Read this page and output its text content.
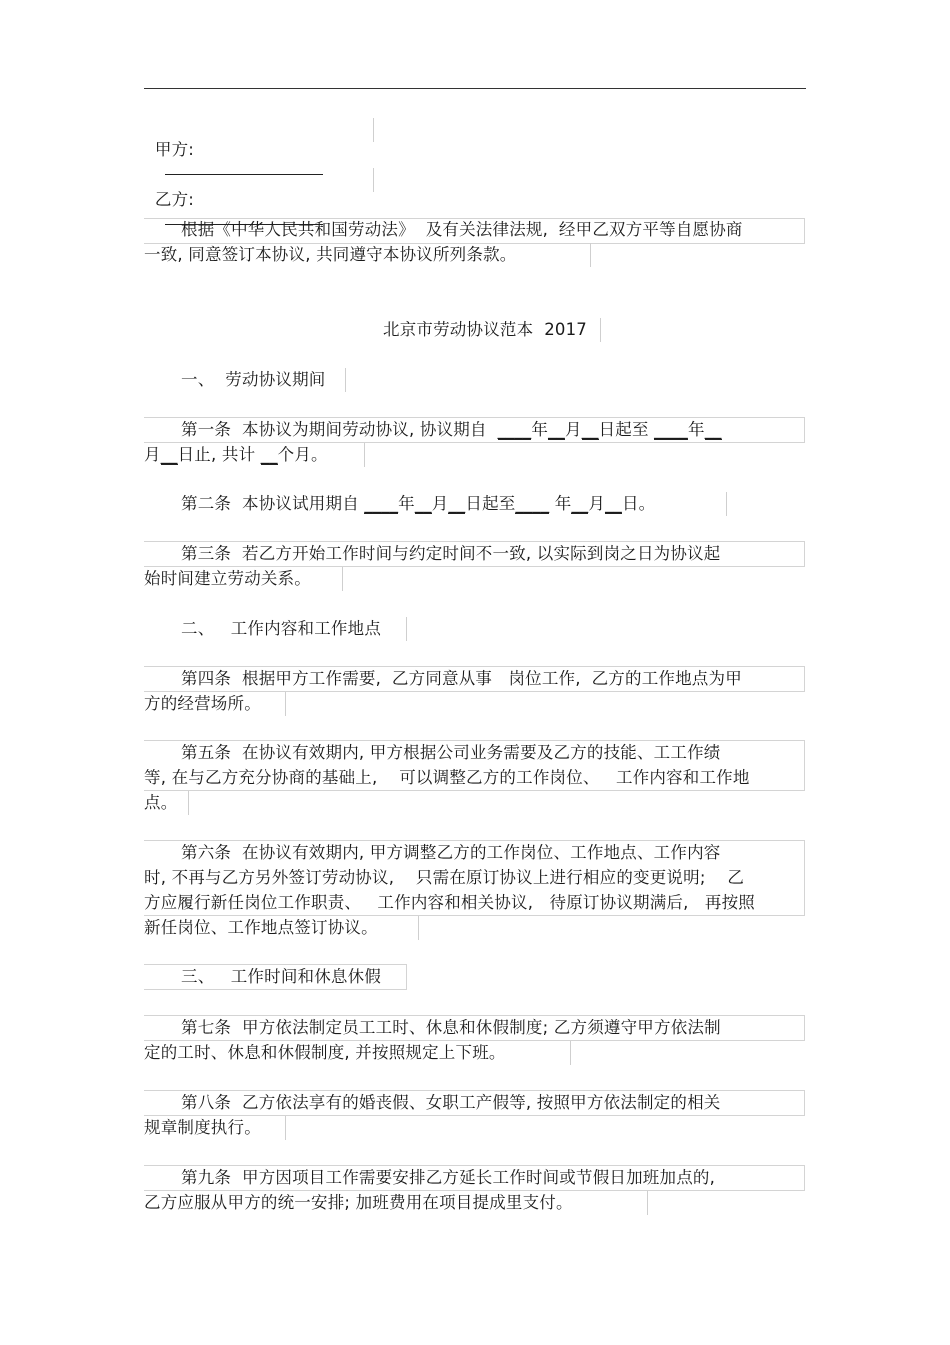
甲方:

乙方:

根据《中华人民共和国劳动法》  及有关法律法规,  经甲乙双方平等自愿协商
一致, 同意签订本协议, 共同遵守本协议所列条款。
北京市劳动协议范本  2017
一、  劳动协议期间
第一条  本协议为期间劳动协议, 协议期自  ____年__月__日起至 ____年__
月__日止, 共计 __个月。
第二条  本协议试用期自 ____年__月__日起至____ 年__月__日。
第三条  若乙方开始工作时间与约定时间不一致, 以实际到岗之日为协议起
始时间建立劳动关系。
二、   工作内容和工作地点
第四条  根据甲方工作需要,  乙方同意从事   岗位工作,  乙方的工作地点为甲
方的经营场所。
第五条  在协议有效期内, 甲方根据公司业务需要及乙方的技能、工工作绩
等, 在与乙方充分协商的基础上,    可以调整乙方的工作岗位、   工作内容和工作地
点。
第六条  在协议有效期内, 甲方调整乙方的工作岗位、工作地点、工作内容
时, 不再与乙方另外签订劳动协议,    只需在原订协议上进行相应的变更说明;    乙
方应履行新任岗位工作职责、   工作内容和相关协议,   待原订协议期满后,   再按照
新任岗位、工作地点签订协议。
三、   工作时间和休息休假
第七条  甲方依法制定员工工时、休息和休假制度; 乙方须遵守甲方依法制
定的工时、休息和休假制度, 并按照规定上下班。
第八条  乙方依法享有的婚丧假、女职工产假等, 按照甲方依法制定的相关
规章制度执行。
第九条  甲方因项目工作需要安排乙方延长工作时间或节假日加班加点的,
乙方应服从甲方的统一安排; 加班费用在项目提成里支付。
